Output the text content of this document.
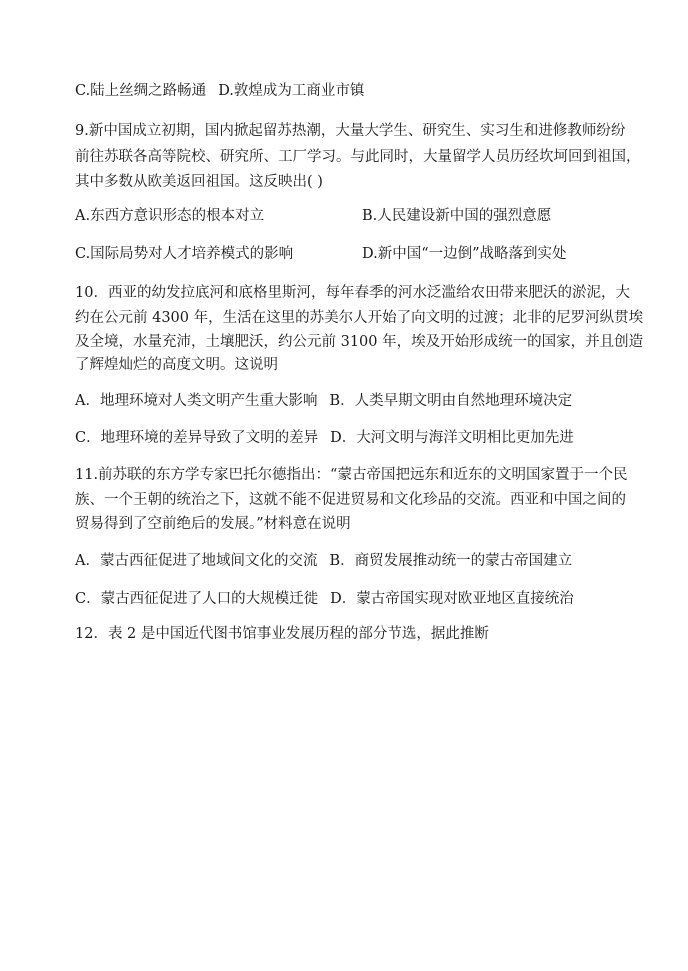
C.陆上丝绸之路畅通 D.敦煌成为工商业市镇
9.新中国成立初期，国内掀起留苏热潮，大量大学生、研究生、实习生和进修教师纷纷
前往苏联各高等院校、研究所、工厂学习。与此同时，大量留学人员历经坎坷回到祖国，
其中多数从欧美返回祖国。这反映出( )
A.东西方意识形态的根本对立	B.人民建设新中国的强烈意愿
C.国际局势对人才培养模式的影响	D.新中国“一边倒”战略落到实处
10．西亚的幼发拉底河和底格里斯河，每年春季的河水泛滥给农田带来肥沃的淤泥，大
约在公元前 4300 年，生活在这里的苏美尔人开始了向文明的过渡；北非的尼罗河纵贯埃
及全境，水量充沛，土壤肥沃，约公元前 3100 年，埃及开始形成统一的国家，并且创造
了辉煌灿烂的高度文明。这说明
A．地理环境对人类文明产生重大影响 B．人类早期文明由自然地理环境决定
C．地理环境的差异导致了文明的差异 D．大河文明与海洋文明相比更加先进
11.前苏联的东方学专家巴托尔德指出：“蒙古帝国把远东和近东的文明国家置于一个民
族、一个王朝的统治之下，这就不能不促进贸易和文化珍品的交流。西亚和中国之间的
贸易得到了空前绝后的发展。”材料意在说明
A．蒙古西征促进了地域间文化的交流 B．商贸发展推动统一的蒙古帝国建立
C．蒙古西征促进了人口的大规模迁徙 D．蒙古帝国实现对欧亚地区直接统治
12．表 2 是中国近代图书馆事业发展历程的部分节选，据此推断
